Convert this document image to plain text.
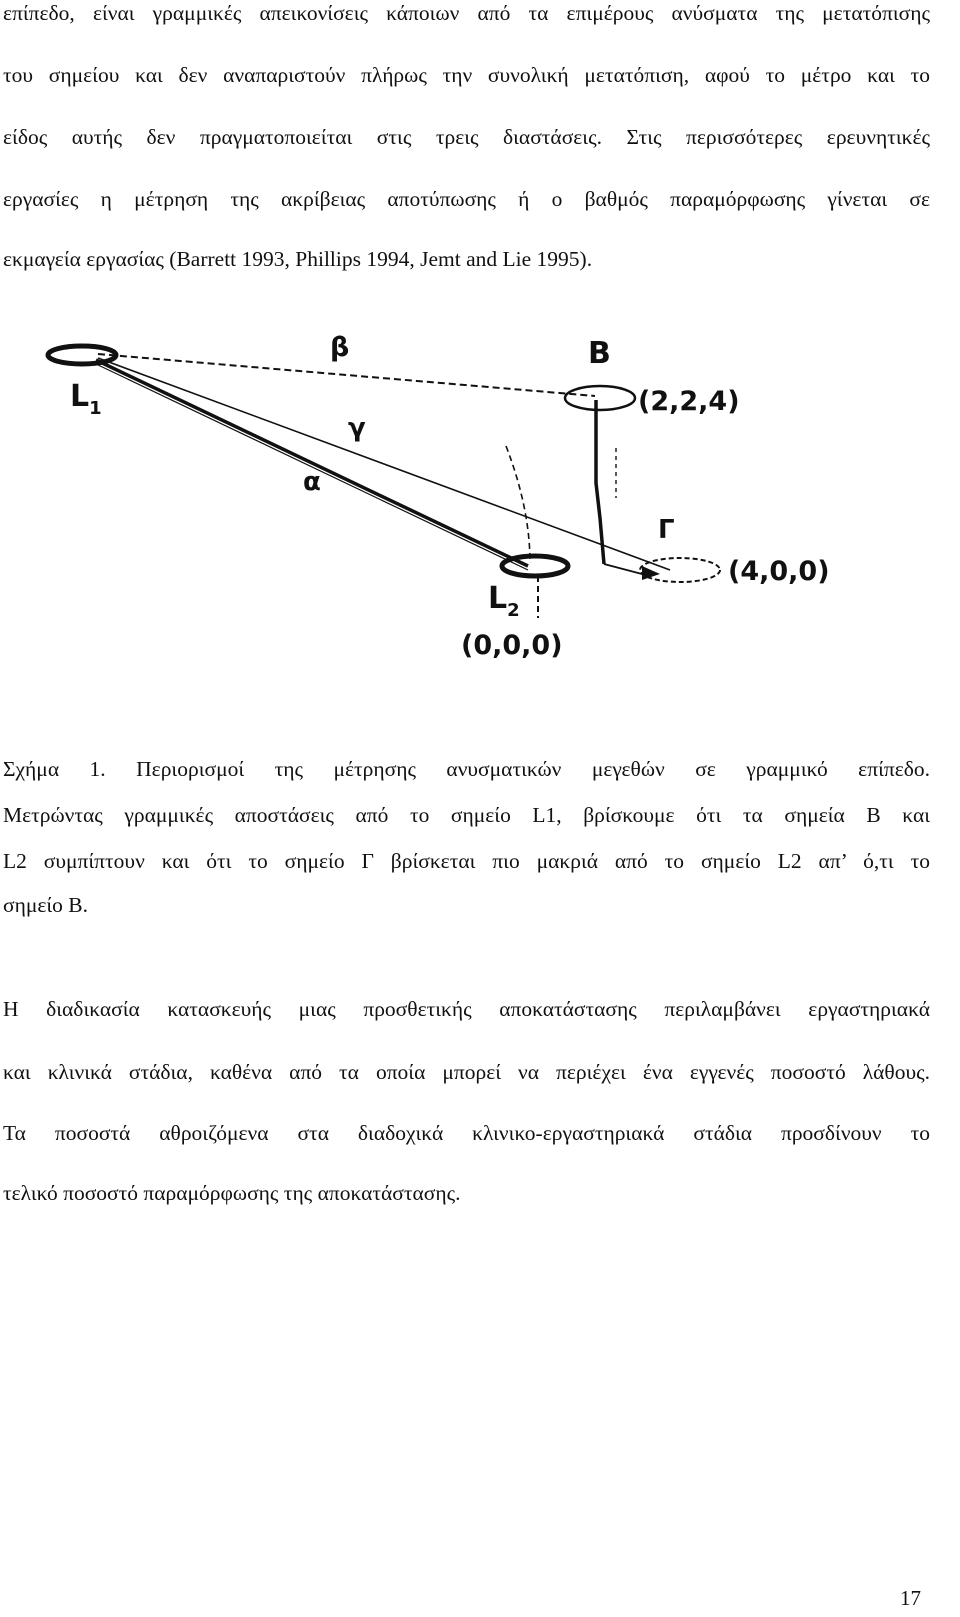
επίπεδο, είναι γραμμικές απεικονίσεις κάποιων από τα επιμέρους ανύσματα της μετατόπισης
του σημείου και δεν αναπαριστούν πλήρως την συνολική μετατόπιση, αφού το μέτρο και το
είδος αυτής δεν πραγματοποιείται στις τρεις διαστάσεις. Στις περισσότερες ερευνητικές
εργασίες η μέτρηση της ακρίβειας αποτύπωσης ή ο βαθμός παραμόρφωσης γίνεται σε
εκμαγεία εργασίας (Barrett 1993, Phillips 1994, Jemt and Lie 1995).
β	B
(2,2,4)
$L_1$
γ
α
Γ
(4,0,0)
$L_2$
(0,0,0)
Σχήμα 1. Περιορισμοί της μέτρησης ανυσματικών μεγεθών σε γραμμικό επίπεδο.
Μετρώντας γραμμικές αποστάσεις από το σημείο L1, βρίσκουμε ότι τα σημεία B και
L2 συμπίπτουν και ότι το σημείο Γ βρίσκεται πιο μακριά από το σημείο L2 απ’ ό,τι το
σημείο B.
Η διαδικασία κατασκευής μιας προσθετικής αποκατάστασης περιλαμβάνει εργαστηριακά
και κλινικά στάδια, καθένα από τα οποία μπορεί να περιέχει ένα εγγενές ποσοστό λάθους.
Τα ποσοστά αθροιζόμενα στα διαδοχικά κλινικο-εργαστηριακά στάδια προσδίνουν το
τελικό ποσοστό παραμόρφωσης της αποκατάστασης.
17
